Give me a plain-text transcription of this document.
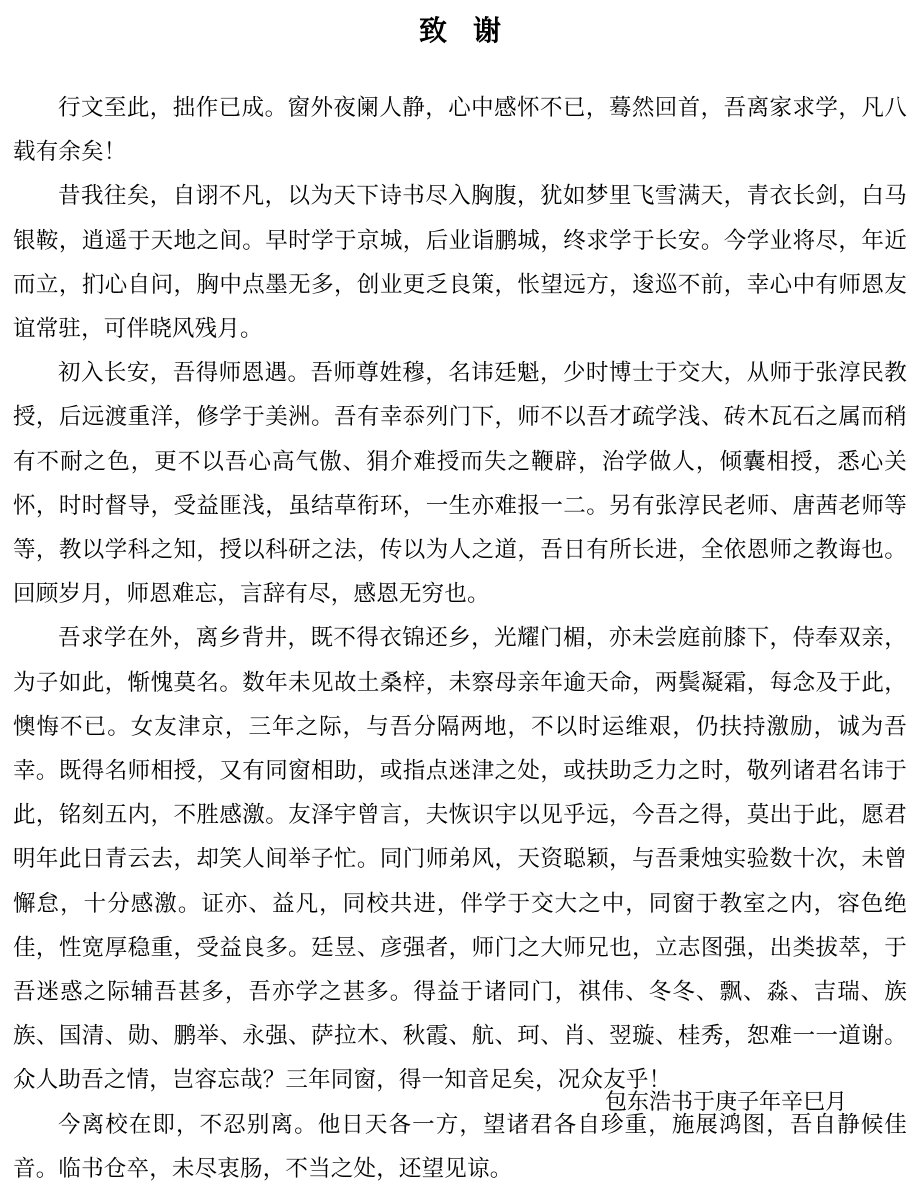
致谢

行文至此，拙作已成。窗外夜阑人静，心中感怀不已，蓦然回首，吾离家求学，凡八载有余矣！

昔我往矣，自诩不凡，以为天下诗书尽入胸腹，犹如梦里飞雪满天，青衣长剑，白马银鞍，逍遥于天地之间。早时学于京城，后业诣鹏城，终求学于长安。今学业将尽，年近而立，扪心自问，胸中点墨无多，创业更乏良策，怅望远方，逡巡不前，幸心中有师恩友谊常驻，可伴晓风残月。

初入长安，吾得师恩遇。吾师尊姓穆，名讳廷魁，少时博士于交大，从师于张淳民教授，后远渡重洋，修学于美洲。吾有幸忝列门下，师不以吾才疏学浅、砖木瓦石之属而稍有不耐之色，更不以吾心高气傲、狷介难授而失之鞭辟，治学做人，倾囊相授，悉心关怀，时时督导，受益匪浅，虽结草衔环，一生亦难报一二。另有张淳民老师、唐茜老师等等，教以学科之知，授以科研之法，传以为人之道，吾日有所长进，全依恩师之教诲也。回顾岁月，师恩难忘，言辞有尽，感恩无穷也。

吾求学在外，离乡背井，既不得衣锦还乡，光耀门楣，亦未尝庭前膝下，侍奉双亲，为子如此，惭愧莫名。数年未见故土桑梓，未察母亲年逾天命，两鬓凝霜，每念及于此，懊悔不已。女友津京，三年之际，与吾分隔两地，不以时运维艰，仍扶持激励，诚为吾幸。既得名师相授，又有同窗相助，或指点迷津之处，或扶助乏力之时，敬列诸君名讳于此，铭刻五内，不胜感激。友泽宇曾言，夫恢识宇以见乎远，今吾之得，莫出于此，愿君明年此日青云去，却笑人间举子忙。同门师弟风，天资聪颖，与吾秉烛实验数十次，未曾懈怠，十分感激。证亦、益凡，同校共进，伴学于交大之中，同窗于教室之内，容色绝佳，性宽厚稳重，受益良多。廷昱、彦强者，师门之大师兄也，立志图强，出类拔萃，于吾迷惑之际辅吾甚多，吾亦学之甚多。得益于诸同门，祺伟、冬冬、飘、淼、吉瑞、族族、国清、勋、鹏举、永强、萨拉木、秋霞、航、珂、肖、翌璇、桂秀，恕难一一道谢。众人助吾之情，岂容忘哉？三年同窗，得一知音足矣，况众友乎！

今离校在即，不忍别离。他日天各一方，望诸君各自珍重，施展鸿图，吾自静候佳音。临书仓卒，未尽衷肠，不当之处，还望见谅。

包东浩书于庚子年辛巳月
